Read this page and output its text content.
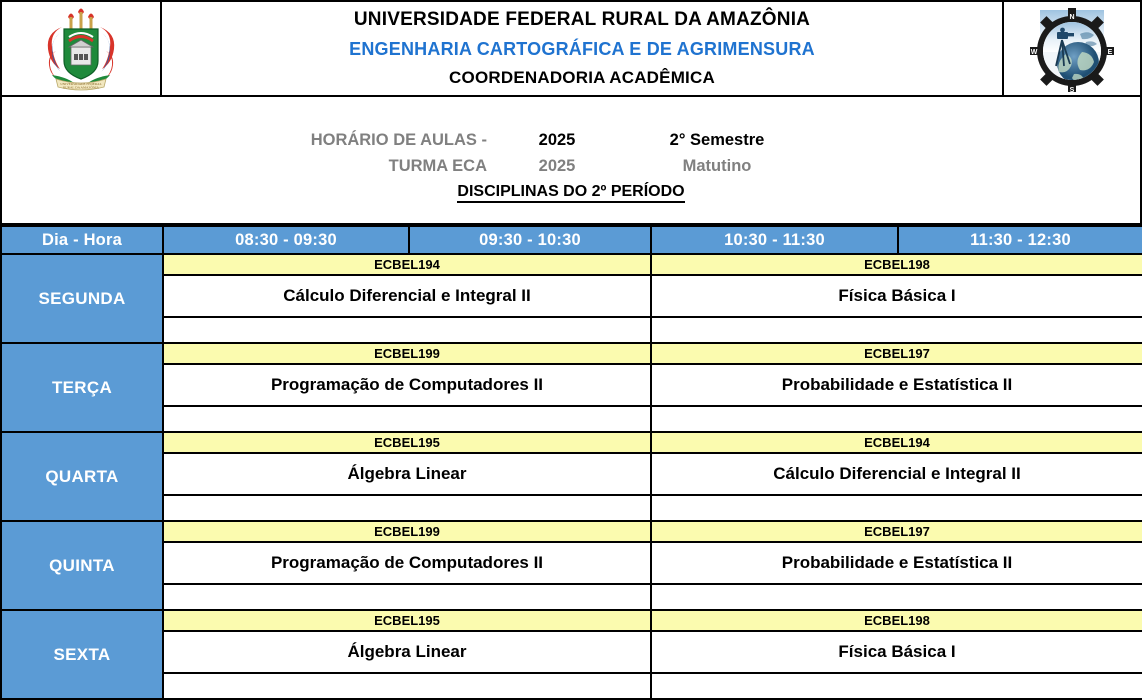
UNIVERSIDADE FEDERAL
RURAL DA AMAZÔNIA
UNIVERSIDADE FEDERAL RURAL DA AMAZÔNIA
ENGENHARIA CARTOGRÁFICA E DE AGRIMENSURA
COORDENADORIA ACADÊMICA
N
S
W	E
HORÁRIO DE AULAS -	2025	2° Semestre
TURMA ECA	2025	Matutino
DISCIPLINAS DO 2º PERÍODO
Dia - Hora	08:30 - 09:30	09:30 - 10:30	10:30 - 11:30	11:30 - 12:30
SEGUNDA	ECBEL194		ECBEL198	
	Cálculo Diferencial e Integral II		Física Básica I	

TERÇA	ECBEL199		ECBEL197	
	Programação de Computadores II		Probabilidade e Estatística II	

QUARTA	ECBEL195		ECBEL194	
	Álgebra Linear		Cálculo Diferencial e Integral II	

QUINTA	ECBEL199		ECBEL197	
	Programação de Computadores II		Probabilidade e Estatística II	

SEXTA	ECBEL195		ECBEL198	
	Álgebra Linear		Física Básica I	
